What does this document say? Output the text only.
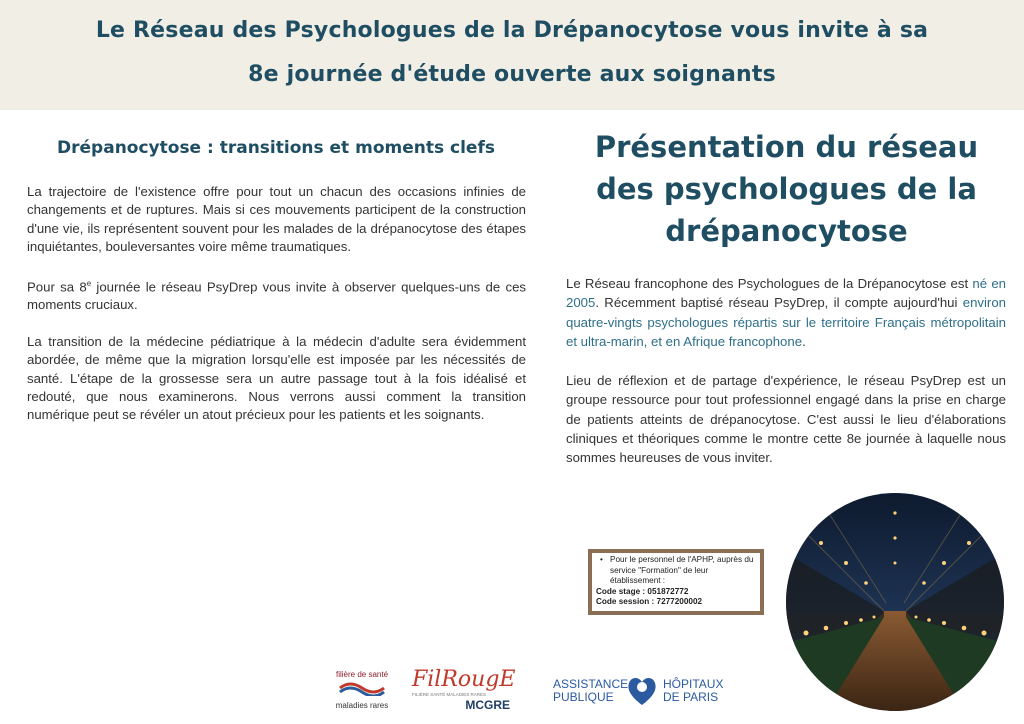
Le Réseau des Psychologues de la Drépanocytose vous invite à sa
8e journée d'étude ouverte aux soignants
Drépanocytose : transitions et moments clefs

La trajectoire de l'existence offre pour tout un chacun des occasions infinies de changements et de ruptures. Mais si ces mouvements participent de la construction d'une vie, ils représentent souvent pour les malades de la drépanocytose des étapes inquiétantes, bouleversantes voire même traumatiques.

Pour sa 8e journée le réseau PsyDrep vous invite à observer quelques-uns de ces moments cruciaux.

La transition de la médecine pédiatrique à la médecin d'adulte sera évidemment abordée, de même que la migration lorsqu'elle est imposée par les nécessités de santé. L'étape de la grossesse sera un autre passage tout à la fois idéalisé et redouté, que nous examinerons. Nous verrons aussi comment la transition numérique peut se révéler un atout précieux pour les patients et les soignants.

Présentation du réseau des psychologues de la drépanocytose

Le Réseau francophone des Psychologues de la Drépanocytose est né en 2005. Récemment baptisé réseau PsyDrep, il compte aujourd'hui environ quatre-vingts psychologues répartis sur le territoire Français métropolitain et ultra-marin, et en Afrique francophone.

Lieu de réflexion et de partage d'expérience, le réseau PsyDrep est un groupe ressource pour tout professionnel engagé dans la prise en charge de patients atteints de drépanocytose. C'est aussi le lieu d'élaborations cliniques et théoriques comme le montre cette 8e journée à laquelle nous sommes heureuses de vous inviter.

• Pour le personnel de l'APHP, auprès du service "Formation" de leur établissement :
Code stage : 051872772
Code session : 7277200002
filière de santé
maladies rares
FilRougE
FILIÈRE SANTÉ MALADIES RARES
MCGRE
ASSISTANCE
PUBLIQUE
HÔPITAUX
DE PARIS
